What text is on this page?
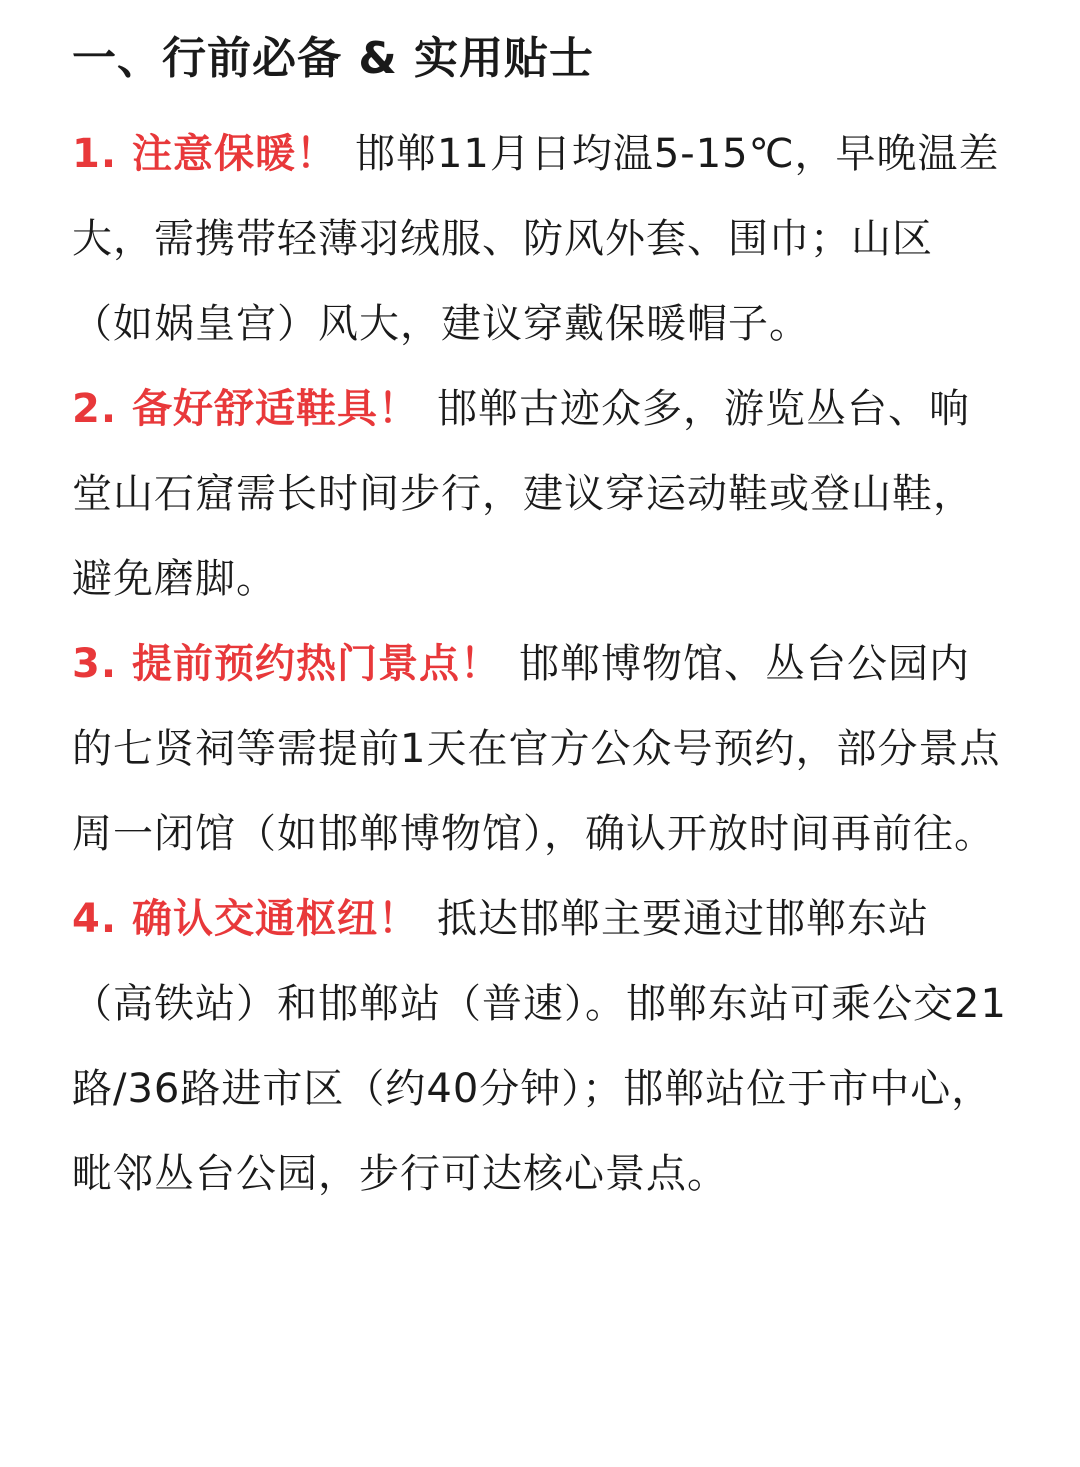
一、行前必备 & 实用贴士

1. 注意保暖！ 邯郸11月日均温5-15℃，早晚温差大，需携带轻薄羽绒服、防风外套、围巾；山区（如娲皇宫）风大，建议穿戴保暖帽子。

2. 备好舒适鞋具！ 邯郸古迹众多，游览丛台、响堂山石窟需长时间步行，建议穿运动鞋或登山鞋，避免磨脚。

3. 提前预约热门景点！ 邯郸博物馆、丛台公园内的七贤祠等需提前1天在官方公众号预约，部分景点周一闭馆（如邯郸博物馆），确认开放时间再前往。

4. 确认交通枢纽！ 抵达邯郸主要通过邯郸东站（高铁站）和邯郸站（普速）。邯郸东站可乘公交21路/36路进市区（约40分钟）；邯郸站位于市中心，毗邻丛台公园，步行可达核心景点。
